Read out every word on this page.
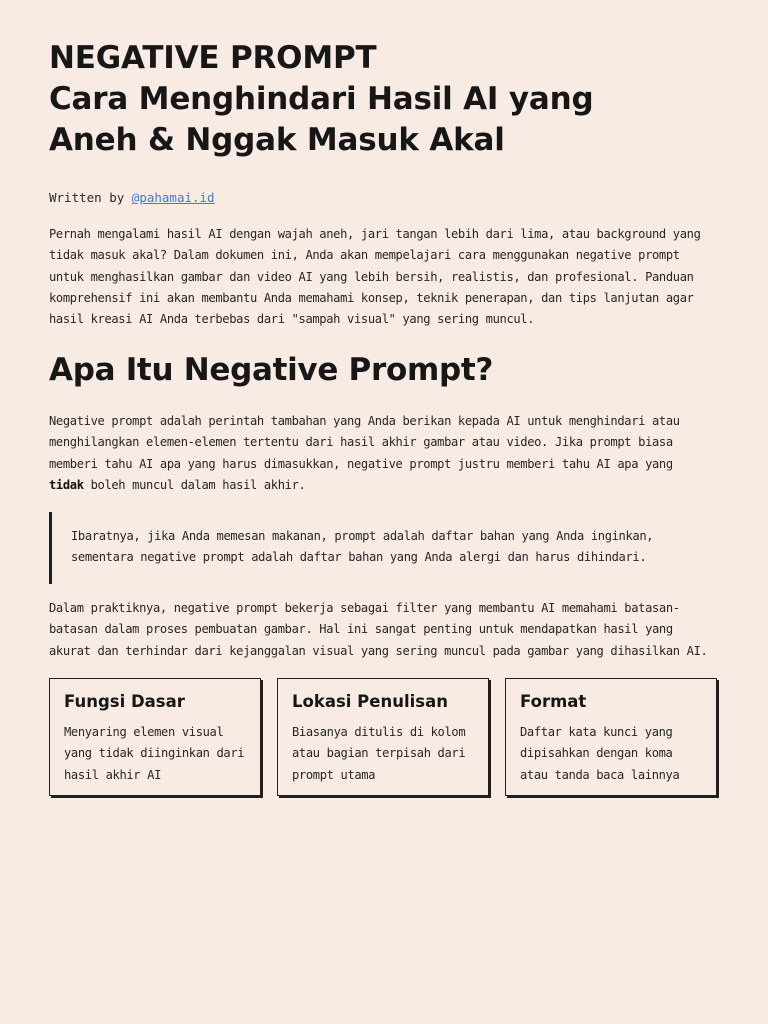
NEGATIVE PROMPT
Cara Menghindari Hasil AI yang
Aneh & Nggak Masuk Akal
Written by @pahamai.id

Pernah mengalami hasil AI dengan wajah aneh, jari tangan lebih dari lima, atau background yang
tidak masuk akal? Dalam dokumen ini, Anda akan mempelajari cara menggunakan negative prompt
untuk menghasilkan gambar dan video AI yang lebih bersih, realistis, dan profesional. Panduan
komprehensif ini akan membantu Anda memahami konsep, teknik penerapan, dan tips lanjutan agar
hasil kreasi AI Anda terbebas dari "sampah visual" yang sering muncul.

Apa Itu Negative Prompt?

Negative prompt adalah perintah tambahan yang Anda berikan kepada AI untuk menghindari atau
menghilangkan elemen-elemen tertentu dari hasil akhir gambar atau video. Jika prompt biasa
memberi tahu AI apa yang harus dimasukkan, negative prompt justru memberi tahu AI apa yang
tidak boleh muncul dalam hasil akhir.

Ibaratnya, jika Anda memesan makanan, prompt adalah daftar bahan yang Anda inginkan,
sementara negative prompt adalah daftar bahan yang Anda alergi dan harus dihindari.

Dalam praktiknya, negative prompt bekerja sebagai filter yang membantu AI memahami batasan-
batasan dalam proses pembuatan gambar. Hal ini sangat penting untuk mendapatkan hasil yang
akurat dan terhindar dari kejanggalan visual yang sering muncul pada gambar yang dihasilkan AI.

Fungsi Dasar

Menyaring elemen visual
yang tidak diinginkan dari
hasil akhir AI

Lokasi Penulisan

Biasanya ditulis di kolom
atau bagian terpisah dari
prompt utama

Format

Daftar kata kunci yang
dipisahkan dengan koma
atau tanda baca lainnya
